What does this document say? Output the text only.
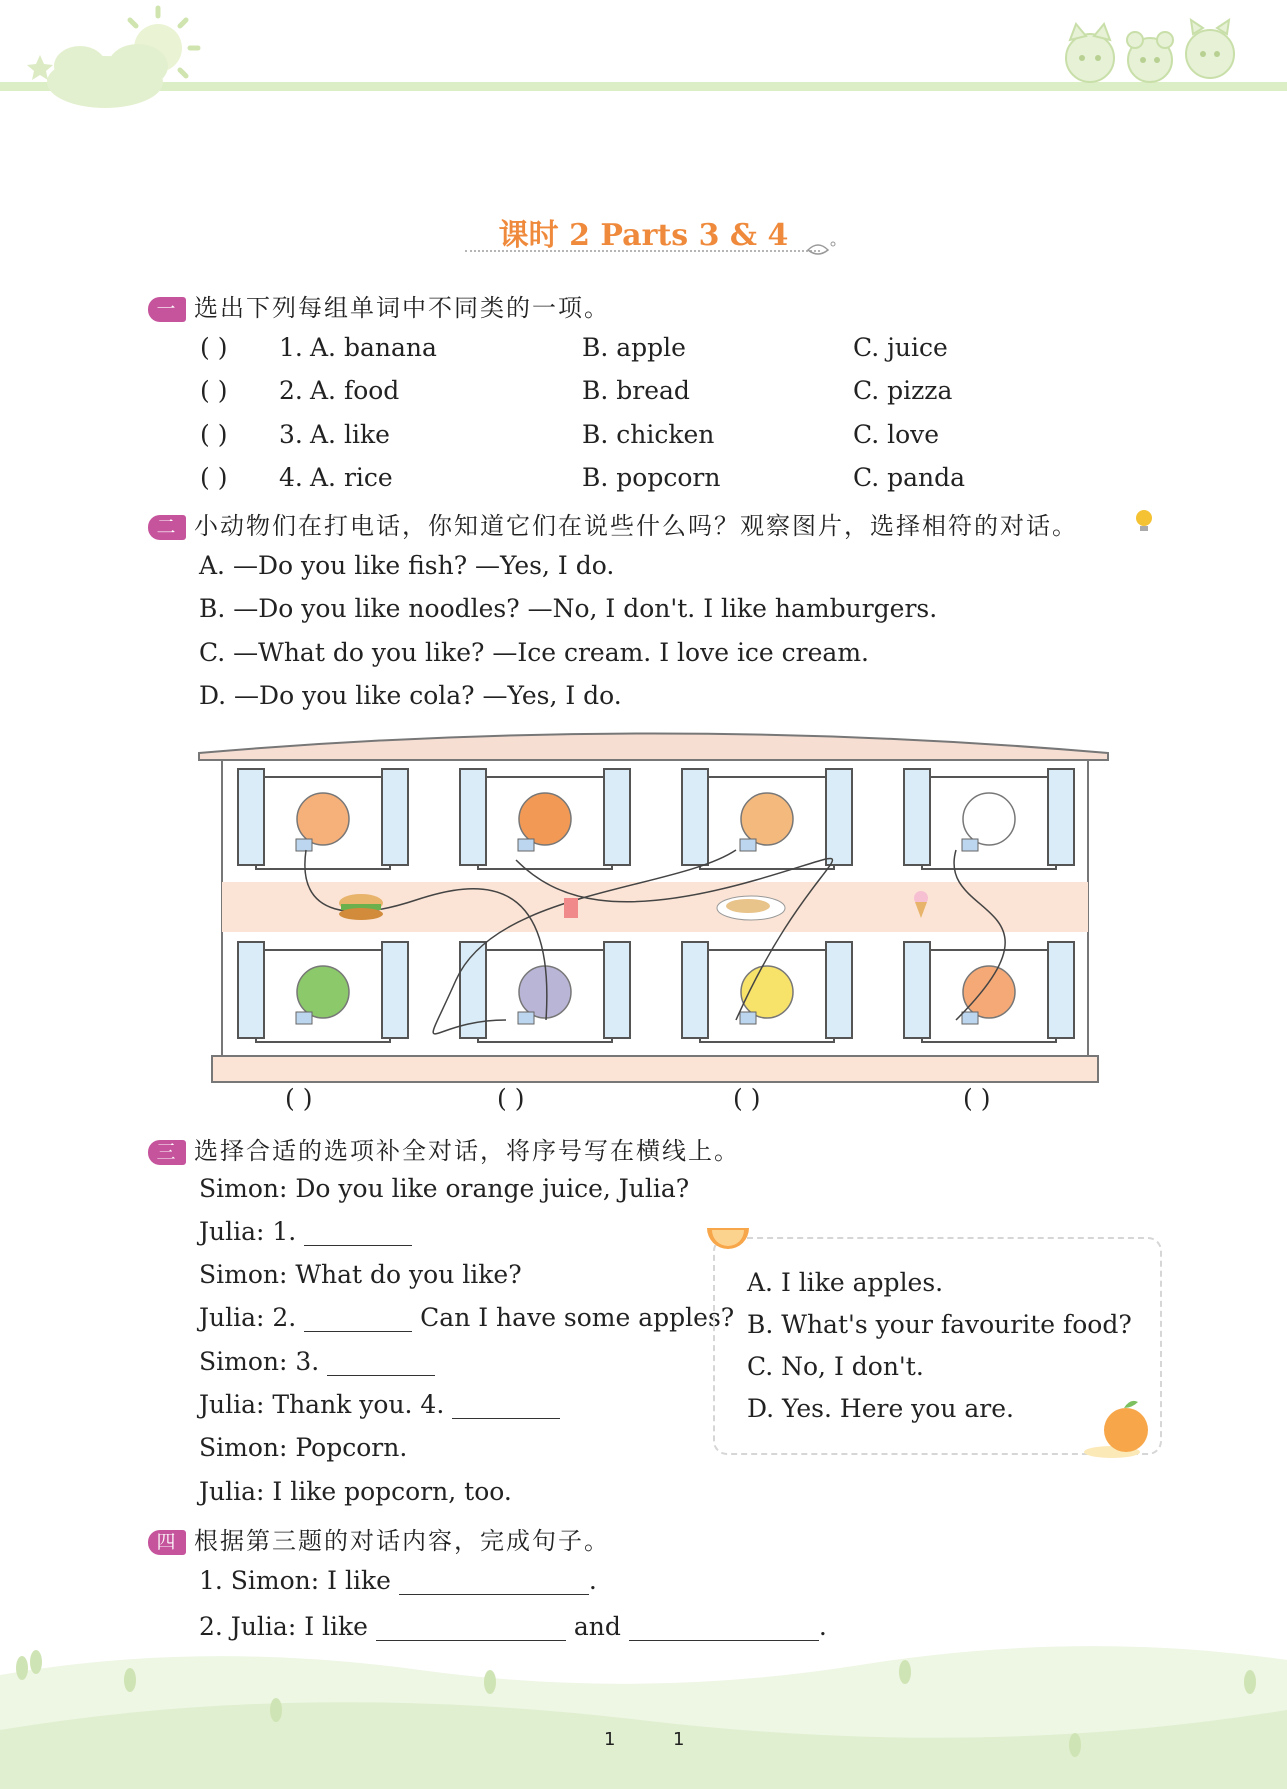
课时 2 Parts 3 & 4
一 选出下列每组单词中不同类的一项。
( ) 1. A. banana	B. apple	C. juice
( ) 2. A. food	B. bread	C. pizza
( ) 3. A. like	B. chicken	C. love
( ) 4. A. rice	B. popcorn	C. panda
二 小动物们在打电话，你知道它们在说些什么吗？观察图片，选择相符的对话。
A. —Do you like fish? —Yes, I do.
B. —Do you like noodles? —No, I don't. I like hamburgers.
C. —What do you like? —Ice cream. I love ice cream.
D. —Do you like cola? —Yes, I do.
( )	( )	( )	( )
三 选择合适的选项补全对话，将序号写在横线上。
Simon: Do you like orange juice, Julia?
Julia: 1.
Simon: What do you like?
Julia: 2.	Can I have some apples?
Simon: 3.
Julia: Thank you. 4.
Simon: Popcorn.
Julia: I like popcorn, too.
A. I like apples.
B. What's your favourite food?
C. No, I don't.
D. Yes. Here you are.
四 根据第三题的对话内容，完成句子。
1. Simon: I like	.
2. Julia: I like	and	.
1	1
